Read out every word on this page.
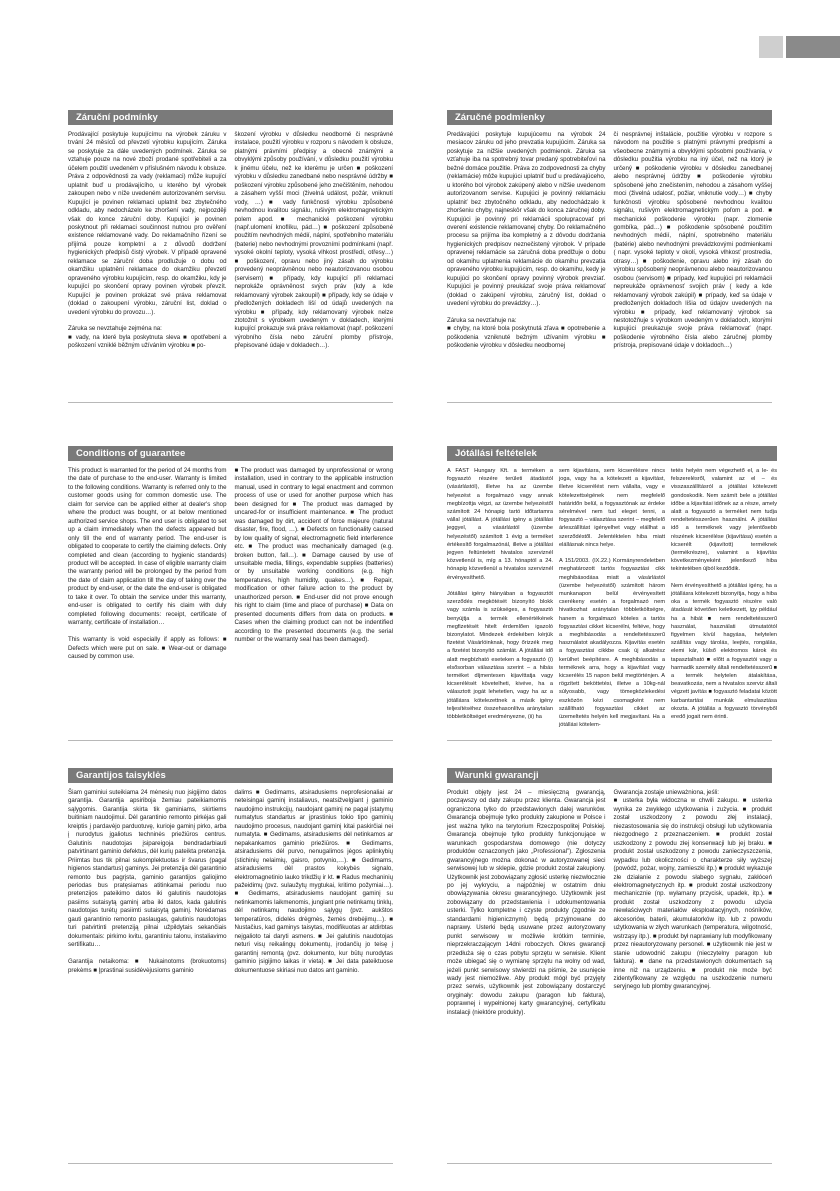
Záruční podmínky
Prodávající poskytuje kupujícímu na výrobek záruku v trvání 24 měsíců od převzetí výrobku kupujícím. Záruka se poskytuje za dále uvedených podmínek. Záruka se vztahuje pouze na nové zboží prodané spotřebiteli a za účelem použití uvedeném v příslušném návodu k obsluze. Práva z odpovědnosti za vady (reklamaci) může kupující uplatnit buď u prodávajícího, u kterého byl výrobek zakoupen nebo v níže uvedeném autorizovaném servisu. Kupující je povinen reklamaci uplatnit bez zbytečného odkladu, aby nedocházelo ke zhoršení vady, nejpozději však do konce záruční doby. Kupující je povinen poskytnout při reklamaci součinnost nutnou pro ověření existence reklamované vady. Do reklamačního řízení se přijímá pouze kompletní a z důvodů dodržení hygienických předpisů čistý výrobek. V případě opravené reklamace se záruční doba prodlužuje o dobu od okamžiku uplatnění reklamace do okamžiku převzetí opraveného výrobku kupujícím, resp. do okamžiku, kdy je kupující po skončení opravy povinen výrobek převzít. Kupující je povinen prokázat své práva reklamovat (doklad o zakoupení výrobku, záruční list, doklad o uvedení výrobku do provozu…).

Záruka se nevztahuje zejména na:
■ vady, na které byla poskytnuta sleva ■ opotřebení a poškození vzniklé běžným užíváním výrobku ■ po-
škození výrobku v důsledku neodborné či nesprávné instalace, použití výrobku v rozporu s návodem k obsluze, platnými právními předpisy a obecně známými a obvyklými způsoby používání, v důsledku použití výrobku k jinému účelu, než ke kterému je určen ■ poškození výrobku v důsledku zanedbané nebo nesprávné údržby ■ poškození výrobku způsobené jeho znečištěním, nehodou a zásahem vyšší moci (živelná událost, požár, vniknutí vody, …) ■ vady funkčnosti výrobku způsobené nevhodnou kvalitou signálu, rušivým elektromagnetickým polem apod. ■ mechanické poškození výrobku (např.ulomení knoflíku, pád…) ■ poškození způsobené použitím nevhodných médií, náplní, spotřebního materiálu (baterie) nebo nevhodnými provozními podmínkami (např. vysoké okolní teploty, vysoká vlhkost prostředí, otřesy…) ■ poškození, opravu nebo jiný zásah do výrobku provedený neoprávněnou nebo neautorizovanou osobou (servisem) ■ případy, kdy kupující při reklamaci neprokáže oprávněnost svých práv (kdy a kde reklamovaný výrobek zakoupil) ■ případy, kdy se údaje v předložených dokladech liší od údajů uvedených na výrobku ■ případy, kdy reklamovaný výrobek nelze ztotožnit s výrobkem uvedeným v dokladech, kterými kupující prokazuje svá práva reklamovat (např. poškození výrobního čísla nebo záruční plomby přístroje, přepisované údaje v dokladech…).
Záručné podmienky
Predávajúci poskytuje kupujúcemu na výrobok 24 mesiacov záruku od jeho prevzatia kupujúcim. Záruka sa poskytuje za nižšie uvedených podmienok. Záruka sa vzťahuje iba na spotrebný tovar predaný spotrebiteľovi na bežné domáce použitie. Práva zo zodpovednosti za chyby (reklamácie) môže kupujúci uplatniť buď u predávajúceho, u ktorého bol výrobok zakúpený alebo v nižšie uvedenom autorizovanom servise. Kupujúci je povinný reklamáciu uplatniť bez zbytočného odkladu, aby nedochádzalo k zhoršeniu chyby, najneskôr však do konca záručnej doby. Kupujúci je povinný pri reklamácii spolupracovať pri overení existencie reklamovanej chyby. Do reklamačného procesu sa prijíma iba kompletný a z dôvodu dodržania hygienických predpisov neznečistený výrobok. V prípade opravenej reklamácie sa záručná doba predlžuje o dobu od okamihu uplatnenia reklamácie do okamihu prevzatia opraveného výrobku kupujúcim, resp. do okamihu, kedy je kupujúci po skončení opravy povinný výrobok prevziať. Kupujúci je povinný preukázať svoje práva reklamovať (doklad o zakúpení výrobku, záručný list, doklad o uvedení výrobku do prevádzky…).

Záruka sa nevzťahuje na:
■ chyby, na ktoré bola poskytnutá zľava ■ opotrebenie a poškodenia vzniknuté bežným užívaním výrobku ■ poškodenie výrobku v dôsledku neodbornej
či nesprávnej inštalácie, použitie výrobku v rozpore s návodom na použitie s platnými právnymi predpismi a všeobecne známymi a obvyklými spôsobmi používania, v dôsledku použitia výrobku na iný účel, než na ktorý je určený ■ poškodenie výrobku v dôsledku zanedbanej alebo nesprávnej údržby ■ poškodenie výrobku spôsobené jeho znečistením, nehodou a zásahom vyššej moci (živelná udalosť, požiar, vniknutie vody…) ■ chyby funkčnosti výrobku spôsobené nevhodnou kvalitou signálu, rušivým elektromagnetickým poľom a pod. ■ mechanické poškodenie výrobku (napr. zlomenie gombíka, pád…) ■ poškodenie spôsobené použitím nevhodných médií, náplní, spotrebného materiálu (batérie) alebo nevhodnými prevádzkovými podmienkami ( napr. vysoké teploty v okolí, vysoká vlhkosť prostredia, otrasy…) ■ poškodenie, opravu alebo iný zásah do výrobku spôsobený neoprávnenou alebo neautorizovanou osobou (servisom) ■ prípady, keď kupujúci pri reklamácii nepreukáže oprávnenosť svojich práv ( kedy a kde reklamovaný výrobok zakúpil) ■ prípady, keď sa údaje v predložených dokladoch líšia od údajov uvedených na výrobku ■ prípady, keď reklamovaný výrobok sa nestotožňuje s výrobkom uvedeným v dokladoch, ktorými kupujúci preukazuje svoje práva reklamovať (napr. poškodenie výrobného čísla alebo záručnej plomby prístroja, prepisované údaje v dokladoch…)
Conditions of guarantee
This product is warranted for the period of 24 months from the date of purchase to the end-user. Warranty is limited to the following conditions. Warranty is referred only to the customer goods using for common domestic use. The claim for service can be applied either at dealer's shop where the product was bought, or at below mentioned authorized service shops. The end user is obligated to set up a claim immediately when the defects appeared but only till the end of warranty period. The end-user is obligated to cooperate to certify the claiming defects. Only completed and clean (according to hygienic standards) product will be accepted. In case of eligible warranty claim the warranty period will be prolonged by the period from the date of claim application till the day of taking over the product by end-user, or the date the end-user is obligated to take it over. To obtain the service under this warranty, end-user is obligated to certify his claim with duly completed following documents: receipt, certificate of warranty, certificate of installation…

This warranty is void especially if apply as follows: ■ Defects which were put on sale. ■ Wear-out or damage caused by common use.
■ The product was damaged by unprofessional or wrong installation, used in contrary to the applicable instruction manual, used in contrary to legal enactment and common process of use or used for another purpose which has been designed for ■ The product was damaged by uncared-for or insufficient maintenance. ■ The product was damaged by dirt, accident of force majeure (natural disaster, fire, flood, …). ■ Defects on functionality caused by low quality of signal, electromagnetic field interference etc. ■ The product was mechanically damaged (e.g. broken button, fall…). ■ Damage caused by use of unsuitable media, fillings, expendable supplies (batteries) or by unsuitable working conditions (e.g. high temperatures, high humidity, quakes…). ■ Repair, modification or other failure action to the product by unauthorized person. ■ End-user did not prove enough his right to claim (time and place of purchase) ■ Data on presented documents differs from data on products. ■ Cases when the claiming product can not be indentified according to the presented documents (e.g. the serial number or the warranty seal has been damaged).
Jótállási feltételek
A FAST Hungary Kft. a terméken a fogyasztó részére területi átadástól (vásárlástól), illetve ha az üzembe helyezést a forgalmazó vagy annak megbízottja végzi, az üzembe helyezéstől számított 24 hónapig tartó időtartamra vállal jótállást. A jótállási igény a jótállási jeggyel, a vásárlástól (üzembe helyezéstől) számított 1 évig a terméket értékesítő forgalmazónál, illetve a jótállási jegyen feltüntetett hivatalos szerviznél közvetlenül is, míg a 13. hónaptól a 24. hónapig közvetlenül a hivatalos szerviznél érvényesíthető.

Jótállási igény hiányában a fogyasztót szerződés megkötését bizonyító blokk vagy számla is szükséges, a fogyasztó benyújtja a termék ellenértékének megfizetését hitelt érdemlően igazoló bizonylatot. Mindezek érdekében kérjük fizetést Vásárlóinknak, hogy őrizzék meg a fizetést bizonyító számlát. A jótállási idő alatt megbízható eseteken a fogyasztó (i) elsősorban választása szerint – a hibás terméket díjmentesen kijavíttatja vagy kicserélését követelheti, kivéve, ha a választott jogát lehetetlen, vagy ha az a jótállásra kötelezettnek a másik igény teljesítéséhez összehasonlítva aránytalan többletköltséget eredményezne, (ii) ha
sem kijavításra, sem kicserélésre nincs joga, vagy ha a kötelezett a kijavítást, illetve kicserélést nem vállalta, vagy e kötelezettségének nem megfelelő határidőn belül, a fogyasztónak az érdeke sérelmével nem tud eleget tenni, a fogyasztó – választása szerint – megfelelő árleszállítást igényelhet vagy elállhat a szerződéstől. Jelentéktelen hiba miatt elállásnak nincs helye.

A 151/2003. (IX.22.) Kormányrendeletben meghatározott tartós fogyasztási cikk meghibásodása miatt a vásárlástól (üzembe helyezéstől) számított három munkanapon belül érvényesített cserékeny esetén a forgalmazó nem hivatkozhat aránytalan többletköltségre, hanem a forgalmazó köteles a tartós fogyasztási cikket kicserélni, feltéve, hogy a meghibásodás a rendeltetésszerű használatot akadályozza. Kijavítás esetén a fogyasztási cikkbe csak új alkatrész kerülhet beépítésre. A meghibásodás a terméknek arra, hogy a kijavítást vagy kicserélés 15 napon belül megtörténjen. A rögzített beköttetési, illetve a 10kg-nál súlyosabb, vagy tömegközlekedési eszközön kézi csomagként nem szállítható fogyasztási cikket az üzemeltetés helyén kell megjavítani. Ha a jótállási kötelem-
tetés helyén nem végezhető el, a le- és felszerelésről, valamint az el – és visszaszállításról a jótállási kötelezett gondoskodik. Nem számít bele a jótállási időbe a kijavítási időnek az a része, amely alatt a fogyasztó a terméket nem tudja rendeltetésszerűen használni. A jótállási idő a terméknek vagy jelentősebb részének kicserélése (kijavítása) esetén a kicserélt (kijavított) terméknek (termékrészre), valamint a kijavítás következményeként jelentkező hiba tekintetében újból kezdődik.

Nem érvényesíthető a jótállási igény, ha a jótállásra kötelezett bizonyítja, hogy a hiba oka a termék fogyasztó részére való átadását követően keletkezett, így például ha a hibát ■ nem rendeltetésszerű használat, használati útmutatótól figyelmen kívül hagyása, helytelen szállítás vagy tárolás, leejtés, rongálás, elemi kár, külső elektromos károk és tapasztalható ■ előtt a fogyasztói vagy a harmadik személy általi rendeltetésszerű ■ a termék helytelen átalakítása, beavatkozás, nem a hivatalos szerviz általi végzett javítás ■ fogyasztó feladatai között karbantartási munkák elmulasztása okozta. A jótállás a fogyasztó törvényből eredő jogait nem érinti.
Garantijos taisyklės
Šiam gaminiui suteikiama 24 mėnesių nuo įsigijimo datos garantija. Garantija apsiriboja žemiau pateikiamomis sąlygomis. Garantija skirta tik gaminiams, skirtiems buitiniam naudojimui. Dėl garantinio remonto pirkėjas gali kreiptis į pardavėjo parduotuvę, kurioje gaminį pirko, arba į nurodytus įgaliotus techninės priežiūros centrus. Galutinis naudotojas įsipareigoja bendradarbiauti patvirtinant gaminio defektus, dėl kurių pateikta pretenzija. Priimtas bus tik pilnai sukomplektuotas ir švarus (pagal higienos standartus) gaminys. Jei pretenzija dėl garantinio remonto bus pagrįsta, gaminio garantijos galiojimo periodas bus pratęsiamas atitinkamai periodu nuo pretenzijos pateikimo datos iki galutinis naudotojas pasiims sutaisytą gaminį arba iki datos, kada galutinis naudotojas turėtų pasiimti sutaisytą gaminį. Norėdamas gauti garantinio remonto paslaugas, galutinis naudotojas turi patvirtinti pretenziją pilnai užpildytais sekančiais dokumentais: pirkimo kvitu, garantiniu talonu, instaliavimo sertifikatu…

Garantija netaikoma: ■ Nukainotoms (brokuotoms) prekėms ■ Įprastinai susidėvėjusioms gaminio
dalims ■ Gedimams, atsiradusiems neprofesionaliai ar neteisingai gaminį instaliavus, neatsižvelgiant į gaminio naudojimo instrukcijų, naudojant gaminį ne pagal įstatymų numatytus standartus ar įprastinius tokio tipo gaminių naudojimo procesus, naudojant gaminį kitai paskirčiai nei numatyta. ■ Gedimams, atsiradusiems dėl netinkamos ar nepakankamos gaminio priežiūros. ■ Gedimams, atsiradusiems dėl purvo, nenugalimos jėgos aplinkybių (stichinių nelaimių, gaisro, potvynio,…). ■ Gedimams, atsiradusiems dėl prastos kokybės signalo, elektromagnetinio lauko trikdžių ir kt. ■ Radus mechaninių pažeidimų (pvz. sulaužytų mygtukai, kritimo požymiai…). ■ Gedimams, atsiradusiems naudojant gaminį su netinkamomis laikmenomis, jungiant prie netinkamų tinklų, dėl netinkamų naudojimo sąlygų (pvz. aukštos temperatūros, didelės drėgmės, žemės drebėjimų…). ■ Nustačius, kad gaminys taisytas, modifikuotas ar atdirbtas neįgalioto tai daryti asmens. ■ Jei galutinis naudotojas neturi visų reikalingų dokumentų, įrodančių jo teisę į garantinį remontą (pvz. dokumento, kur būtų nurodytas gaminio įsigijimo laikas ir vieta). ■ Jei data pateiktuose dokumentuose skiriasi nuo datos ant gaminio.
Warunki gwarancji
Produkt objęty jest 24 – miesięczną gwarancją, począwszy od daty zakupu przez klienta. Gwarancja jest ograniczona tylko do przedstawionych dalej warunków. Gwarancja obejmuje tylko produkty zakupione w Polsce i jest ważna tylko na terytorium Rzeczpospolitej Polskiej. Gwarancja obejmuje tylko produkty funkcjonujące w warunkach gospodarstwa domowego (nie dotyczy produktów oznaczonych jako „Professional”). Zgłoszenia gwarancyjnego można dokonać w autoryzowanej sieci serwisowej lub w sklepie, gdzie produkt został zakupiony. Użytkownik jest zobowiązany zgłosić usterkę niezwłocznie po jej wykryciu, a najpóźniej w ostatnim dniu obowiązywania okresu gwarancyjnego. Użytkownik jest zobowiązany do przedstawienia i udokumentowania usterki. Tylko kompletne i czyste produkty (zgodnie ze standardami higienicznymi) będą przyjmowane do naprawy. Usterki będą usuwane przez autoryzowany punkt serwisowy w możliwie krótkim terminie, nieprzekraczającym 14dni roboczych. Okres gwarancji przedłuża się o czas pobytu sprzętu w serwisie. Klient może ubiegać się o wymianę sprzętu na wolny od wad, jeżeli punkt serwisowy stwierdzi na piśmie, że usunięcie wady jest niemożliwe. Aby produkt mógł być przyjęty przez serwis, użytkownik jest zobowiązany dostarczyć oryginały: dowodu zakupu (paragon lub faktura), poprawnej i wypełnionej karty gwarancyjnej, certyfikatu instalacji (niektóre produkty).
Gwarancja zostaje unieważniona, jeśli:
■ usterka była widoczna w chwili zakupu. ■ usterka wynika ze zwykłego użytkowania i zużycia. ■ produkt został uszkodzony z powodu złej instalacji, niezastosowania się do instrukcji obsługi lub użytkowania niezgodnego z przeznaczeniem. ■ produkt został uszkodzony z powodu złej konserwacji lub jej braku. ■ produkt został uszkodzony z powodu zanieczyszczenia, wypadku lub okoliczności o charakterze siły wyższej (powódź, pożar, wojny, zamieszki itp.) ■ produkt wykazuje złe działanie z powodu słabego sygnału, zakłóceń elektromagnetycznych itp. ■ produkt został uszkodzony mechanicznie (np. wyłamany przycisk, upadek, itp.). ■ produkt został uszkodzony z powodu użycia niewłaściwych materiałów eksploatacyjnych, nośników, akcesoriów, baterii, akumulatorków itp. lub z powodu użytkowania w złych warunkach (temperatura, wilgotność, wstrząsy itp.). ■ produkt był naprawiany lub modyfikowany przez nieautoryzowany personel. ■ użytkownik nie jest w stanie udowodnić zakupu (nieczytelny paragon lub faktura). ■ dane na przedstawionych dokumentach są inne niż na urządzeniu. ■ produkt nie może być zidentyfikowany ze względu na uszkodzenie numeru seryjnego lub plomby gwarancyjnej.
